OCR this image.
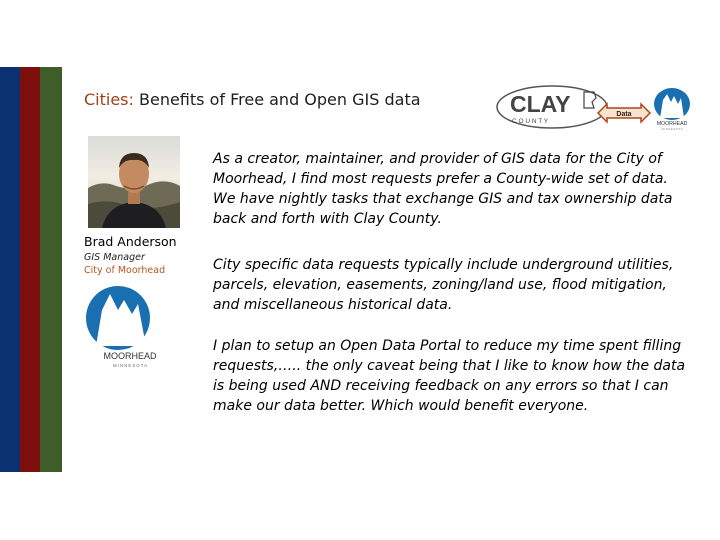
Cities: Benefits of Free and Open GIS data	CLAY
C O U N T Y
Data
MOORHEAD
M I N N E S O T A
Brad Anderson
GIS Manager
City of Moorhead
MOORHEAD
M I N N E S O T A
As a creator, maintainer, and provider of GIS data for the City of Moorhead, I find most requests prefer a County-wide set of data. We have nightly tasks that exchange GIS and tax ownership data back and forth with Clay County.
City specific data requests typically include underground utilities, parcels, elevation, easements, zoning/land use, flood mitigation, and miscellaneous historical data.
I plan to setup an Open Data Portal to reduce my time spent filling requests,….. the only caveat being that I like to know how the data is being used AND receiving feedback on any errors so that I can make our data better. Which would benefit everyone.
